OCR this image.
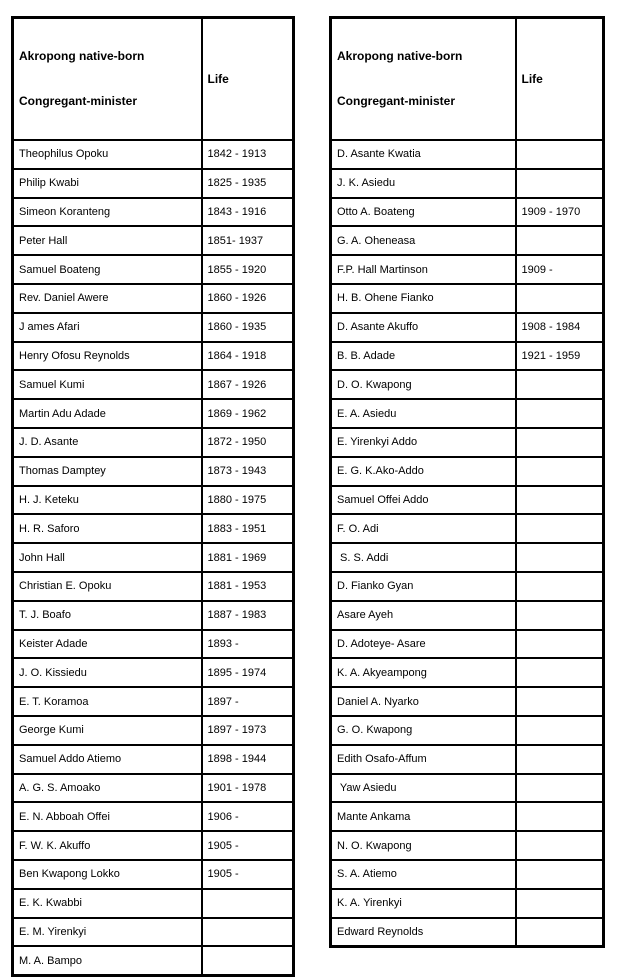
Akropong native-born

Congregant-minister	Life
Theophilus Opoku	1842 - 1913
Philip Kwabi	1825 - 1935
Simeon Koranteng	1843 - 1916
Peter Hall	1851- 1937
Samuel Boateng	1855 - 1920
Rev. Daniel Awere	1860 - 1926
J ames Afari	1860 - 1935
Henry Ofosu Reynolds	1864 - 1918
Samuel Kumi	1867 - 1926
Martin Adu Adade	1869 - 1962
J. D. Asante	1872 - 1950
Thomas Damptey	1873 - 1943
H. J. Keteku	1880 - 1975
H. R. Saforo	1883 - 1951
John Hall	1881 - 1969
Christian E. Opoku	1881 - 1953
T. J. Boafo	1887 - 1983
Keister Adade	1893 -
J. O. Kissiedu	1895 - 1974
E. T. Koramoa	1897 -
George Kumi	1897 - 1973
Samuel Addo Atiemo	1898 - 1944
A. G. S. Amoako	1901 - 1978
E. N. Abboah Offei	1906 -
F. W. K. Akuffo	1905 -
Ben Kwapong Lokko	1905 -
E. K. Kwabbi	
E. M. Yirenkyi	
M. A. Bampo	

Akropong native-born

Congregant-minister	Life
D. Asante Kwatia	
J. K. Asiedu	
Otto A. Boateng	1909 - 1970
G. A. Oheneasa	
F.P. Hall Martinson	1909 -
H. B. Ohene Fianko	
D. Asante Akuffo	1908 - 1984
B. B. Adade	1921 - 1959
D. O. Kwapong	
E. A. Asiedu	
E. Yirenkyi Addo	
E. G. K.Ako-Addo	
Samuel Offei Addo	
F. O. Adi	
S. S. Addi	
D. Fianko Gyan	
Asare Ayeh	
D. Adoteye- Asare	
K. A. Akyeampong	
Daniel A. Nyarko	
G. O. Kwapong	
Edith Osafo-Affum	
Yaw Asiedu	
Mante Ankama	
N. O. Kwapong	
S. A. Atiemo	
K. A. Yirenkyi	
Edward Reynolds	
